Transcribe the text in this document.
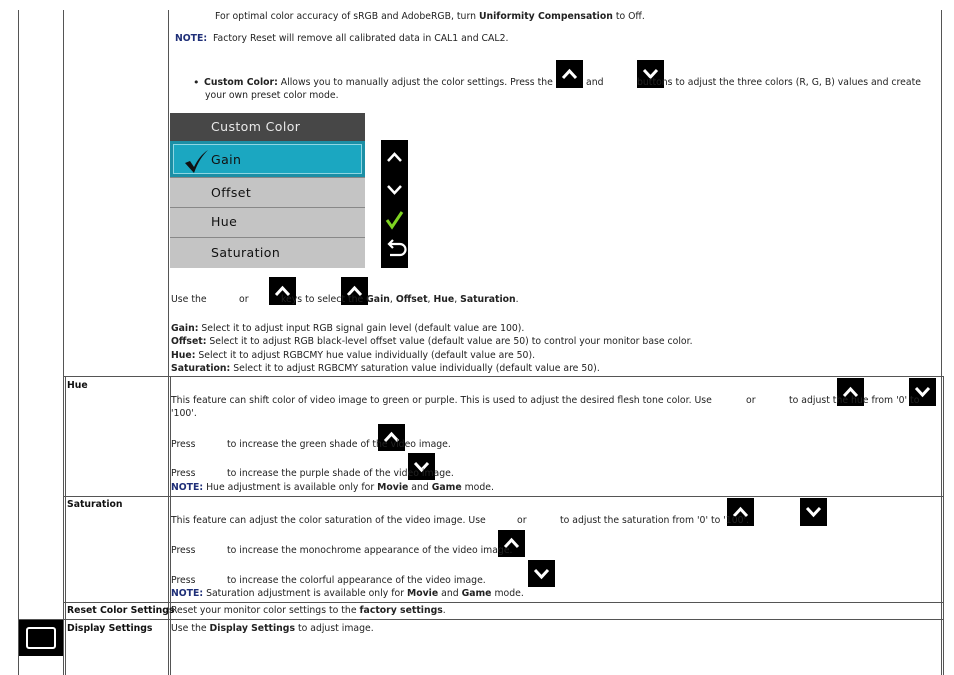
For optimal color accuracy of sRGB and AdobeRGB, turn Uniformity Compensation to Off.
NOTE: Factory Reset will remove all calibrated data in CAL1 and CAL2.
• Custom Color: Allows you to manually adjust the color settings. Press the
	and
	buttons to adjust the three colors (R, G, B) values and create
your own preset color mode.
Custom Color
Gain
Offset
Hue
Saturation
Use the
	or
	keys to select the Gain, Offset, Hue, Saturation.
Gain: Select it to adjust input RGB signal gain level (default value are 100).
Offset: Select it to adjust RGB black-level offset value (default value are 50) to control your monitor base color.
Hue: Select it to adjust RGBCMY hue value individually (default value are 50).
Saturation: Select it to adjust RGBCMY saturation value individually (default value are 50).
Hue
This feature can shift color of video image to green or purple. This is used to adjust the desired flesh tone color. Use
	or
	to adjust the hue from '0' to
'100'.
Press
	to increase the green shade of the video image.
Press
	to increase the purple shade of the video image.
NOTE: Hue adjustment is available only for Movie and Game mode.
Saturation
This feature can adjust the color saturation of the video image. Use
	or
	to adjust the saturation from '0' to '100'.
Press
	to increase the monochrome appearance of the video image.
Press	to increase the colorful appearance of the video image.
NOTE: Saturation adjustment is available only for Movie and Game mode.
Reset Color Settings
Reset your monitor color settings to the factory settings.
Display Settings Use the Display Settings to adjust image.
